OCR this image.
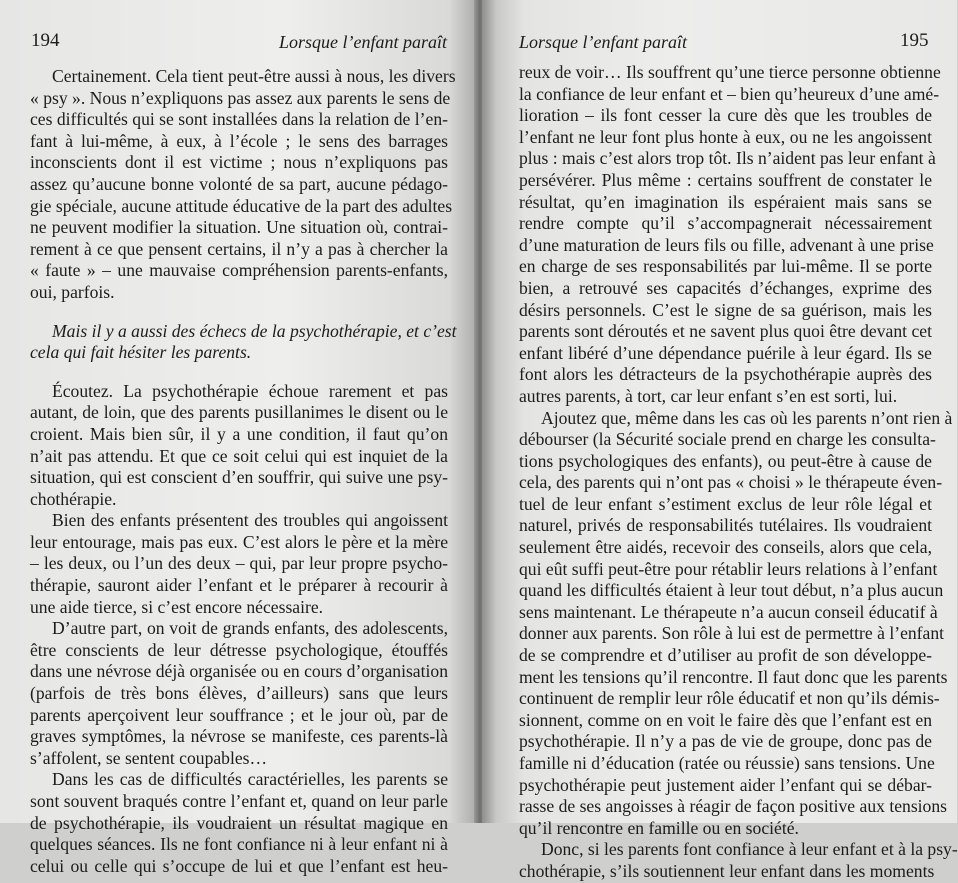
194	Lorsque l’enfant paraît
Certainement. Cela tient peut-être aussi à nous, les divers
« psy ». Nous n’expliquons pas assez aux parents le sens de
ces difficultés qui se sont installées dans la relation de l’en-
fant à lui-même, à eux, à l’école ; le sens des barrages
inconscients dont il est victime ; nous n’expliquons pas
assez qu’aucune bonne volonté de sa part, aucune pédago-
gie spéciale, aucune attitude éducative de la part des adultes
ne peuvent modifier la situation. Une situation où, contrai-
rement à ce que pensent certains, il n’y a pas à chercher la
« faute » – une mauvaise compréhension parents-enfants,
oui, parfois.
Mais il y a aussi des échecs de la psychothérapie, et c’est
cela qui fait hésiter les parents.
Écoutez. La psychothérapie échoue rarement et pas
autant, de loin, que des parents pusillanimes le disent ou le
croient. Mais bien sûr, il y a une condition, il faut qu’on
n’ait pas attendu. Et que ce soit celui qui est inquiet de la
situation, qui est conscient d’en souffrir, qui suive une psy-
chothérapie.
Bien des enfants présentent des troubles qui angoissent
leur entourage, mais pas eux. C’est alors le père et la mère
– les deux, ou l’un des deux – qui, par leur propre psycho-
thérapie, sauront aider l’enfant et le préparer à recourir à
une aide tierce, si c’est encore nécessaire.
D’autre part, on voit de grands enfants, des adolescents,
être conscients de leur détresse psychologique, étouffés
dans une névrose déjà organisée ou en cours d’organisation
(parfois de très bons élèves, d’ailleurs) sans que leurs
parents aperçoivent leur souffrance ; et le jour où, par de
graves symptômes, la névrose se manifeste, ces parents-là
s’affolent, se sentent coupables…
Dans les cas de difficultés caractérielles, les parents se
sont souvent braqués contre l’enfant et, quand on leur parle
de psychothérapie, ils voudraient un résultat magique en
quelques séances. Ils ne font confiance ni à leur enfant ni à
celui ou celle qui s’occupe de lui et que l’enfant est heu-
Lorsque l’enfant paraît	195
reux de voir… Ils souffrent qu’une tierce personne obtienne
la confiance de leur enfant et – bien qu’heureux d’une amé-
lioration – ils font cesser la cure dès que les troubles de
l’enfant ne leur font plus honte à eux, ou ne les angoissent
plus : mais c’est alors trop tôt. Ils n’aident pas leur enfant à
persévérer. Plus même : certains souffrent de constater le
résultat, qu’en imagination ils espéraient mais sans se
rendre compte qu’il s’accompagnerait nécessairement
d’une maturation de leurs fils ou fille, advenant à une prise
en charge de ses responsabilités par lui-même. Il se porte
bien, a retrouvé ses capacités d’échanges, exprime des
désirs personnels. C’est le signe de sa guérison, mais les
parents sont déroutés et ne savent plus quoi être devant cet
enfant libéré d’une dépendance puérile à leur égard. Ils se
font alors les détracteurs de la psychothérapie auprès des
autres parents, à tort, car leur enfant s’en est sorti, lui.
Ajoutez que, même dans les cas où les parents n’ont rien à
débourser (la Sécurité sociale prend en charge les consulta-
tions psychologiques des enfants), ou peut-être à cause de
cela, des parents qui n’ont pas « choisi » le thérapeute éven-
tuel de leur enfant s’estiment exclus de leur rôle légal et
naturel, privés de responsabilités tutélaires. Ils voudraient
seulement être aidés, recevoir des conseils, alors que cela,
qui eût suffi peut-être pour rétablir leurs relations à l’enfant
quand les difficultés étaient à leur tout début, n’a plus aucun
sens maintenant. Le thérapeute n’a aucun conseil éducatif à
donner aux parents. Son rôle à lui est de permettre à l’enfant
de se comprendre et d’utiliser au profit de son développe-
ment les tensions qu’il rencontre. Il faut donc que les parents
continuent de remplir leur rôle éducatif et non qu’ils démis-
sionnent, comme on en voit le faire dès que l’enfant est en
psychothérapie. Il n’y a pas de vie de groupe, donc pas de
famille ni d’éducation (ratée ou réussie) sans tensions. Une
psychothérapie peut justement aider l’enfant qui se débar-
rasse de ses angoisses à réagir de façon positive aux tensions
qu’il rencontre en famille ou en société.
Donc, si les parents font confiance à leur enfant et à la psy-
chothérapie, s’ils soutiennent leur enfant dans les moments
